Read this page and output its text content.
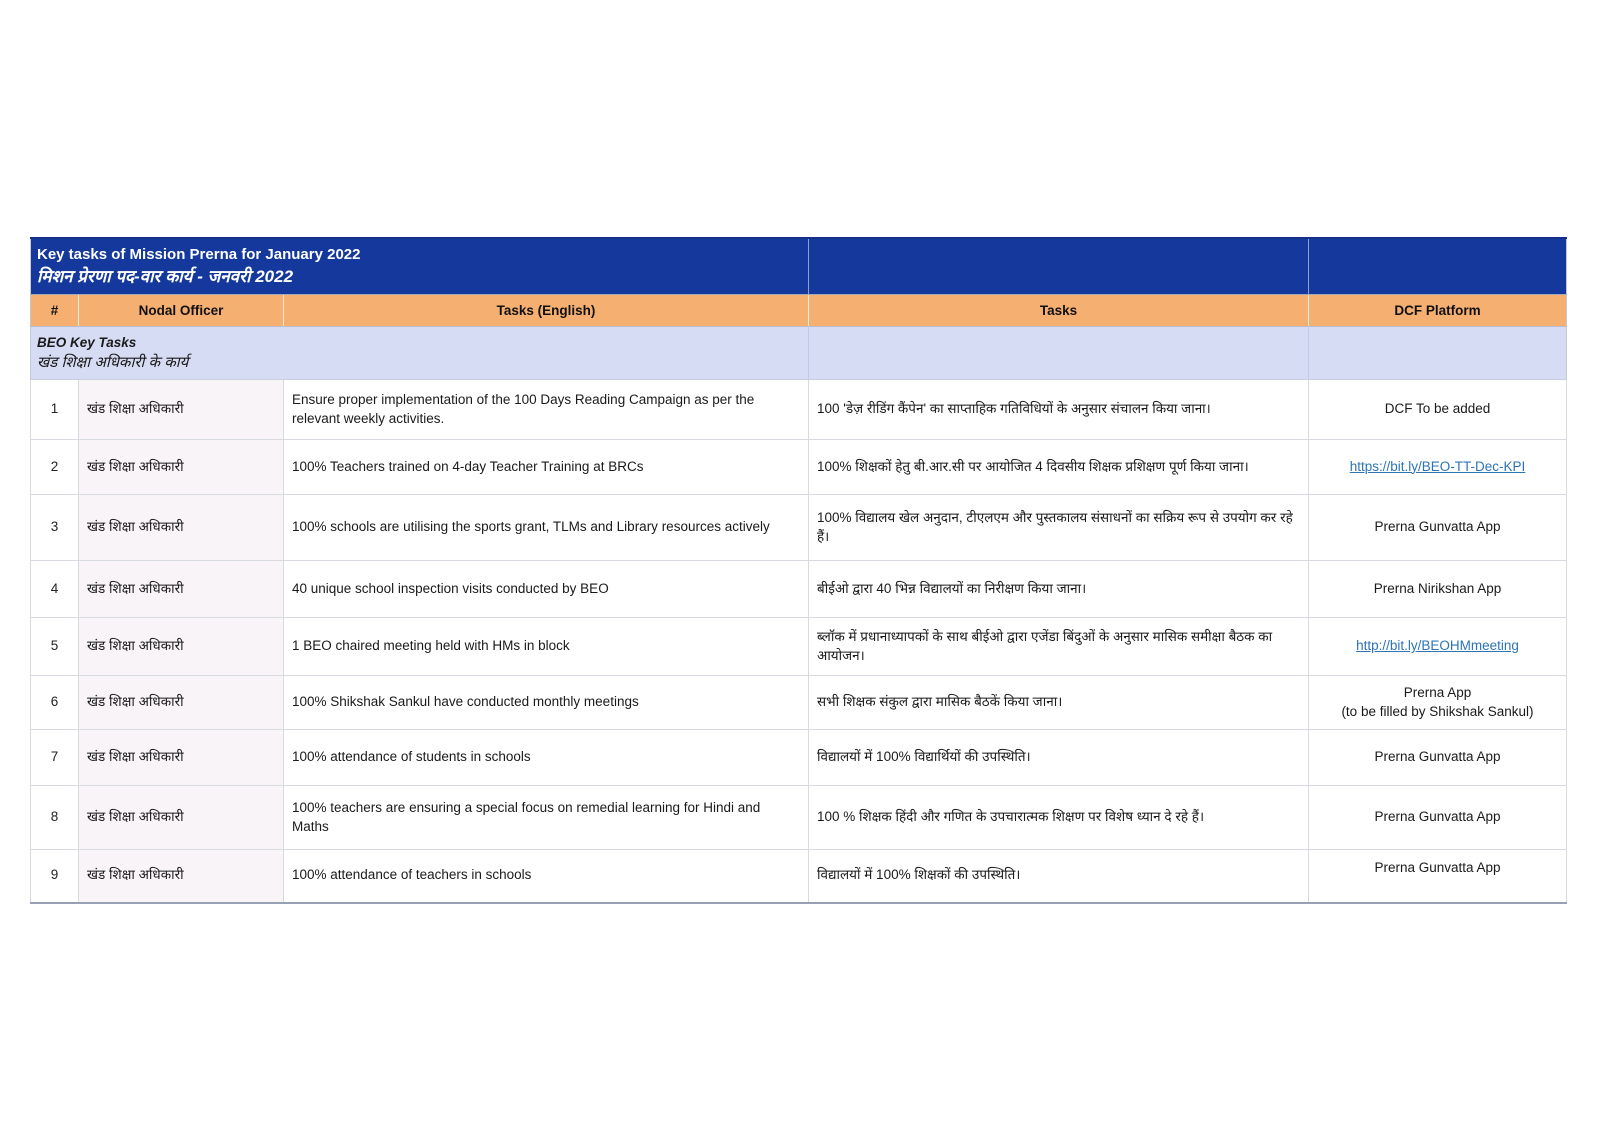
Key tasks of Mission Prerna for January 2022
मिशन प्रेरणा पद-वार कार्य - जनवरी 2022				

#	Nodal Officer	Tasks (English)	Tasks	DCF Platform

BEO Key Tasks
खंड शिक्षा अधिकारी के कार्य				

1	खंड शिक्षा अधिकारी	Ensure proper implementation of the 100 Days Reading Campaign as per the relevant weekly activities.	100 'डेज़ रीडिंग कैंपेन' का साप्ताहिक गतिविधियों के अनुसार संचालन किया जाना।	DCF To be added

2	खंड शिक्षा अधिकारी	100% Teachers trained on 4-day Teacher Training at BRCs	100% शिक्षकों हेतु बी.आर.सी पर आयोजित 4 दिवसीय शिक्षक प्रशिक्षण पूर्ण किया जाना।	https://bit.ly/BEO-TT-Dec-KPI
3	खंड शिक्षा अधिकारी	100% schools are utilising the sports grant, TLMs and Library resources actively	100% विद्यालय खेल अनुदान, टीएलएम और पुस्तकालय संसाधनों का सक्रिय रूप से उपयोग कर रहे हैं।	Prerna Gunvatta App

4	खंड शिक्षा अधिकारी	40 unique school inspection visits conducted by BEO	बीईओ द्वारा 40 भिन्न विद्यालयों का निरीक्षण किया जाना।	Prerna Nirikshan App

5	खंड शिक्षा अधिकारी	1 BEO chaired meeting held with HMs in block	ब्लॉक में प्रधानाध्यापकों के साथ बीईओ द्वारा एजेंडा बिंदुओं के अनुसार मासिक समीक्षा बैठक का आयोजन।	http://bit.ly/BEOHMmeeting
6	खंड शिक्षा अधिकारी	100% Shikshak Sankul have conducted monthly meetings	सभी शिक्षक संकुल द्वारा मासिक बैठकें किया जाना।	Prerna App
(to be filled by Shikshak Sankul)

7	खंड शिक्षा अधिकारी	100% attendance of students in schools	विद्यालयों में 100% विद्यार्थियों की उपस्थिति।	Prerna Gunvatta App

8	खंड शिक्षा अधिकारी	100% teachers are ensuring a special focus on remedial learning for Hindi and Maths	100 % शिक्षक हिंदी और गणित के उपचारात्मक शिक्षण पर विशेष ध्यान दे रहे हैं।	Prerna Gunvatta App

9	खंड शिक्षा अधिकारी	100% attendance of teachers in schools	विद्यालयों में 100% शिक्षकों की उपस्थिति।	Prerna Gunvatta App
